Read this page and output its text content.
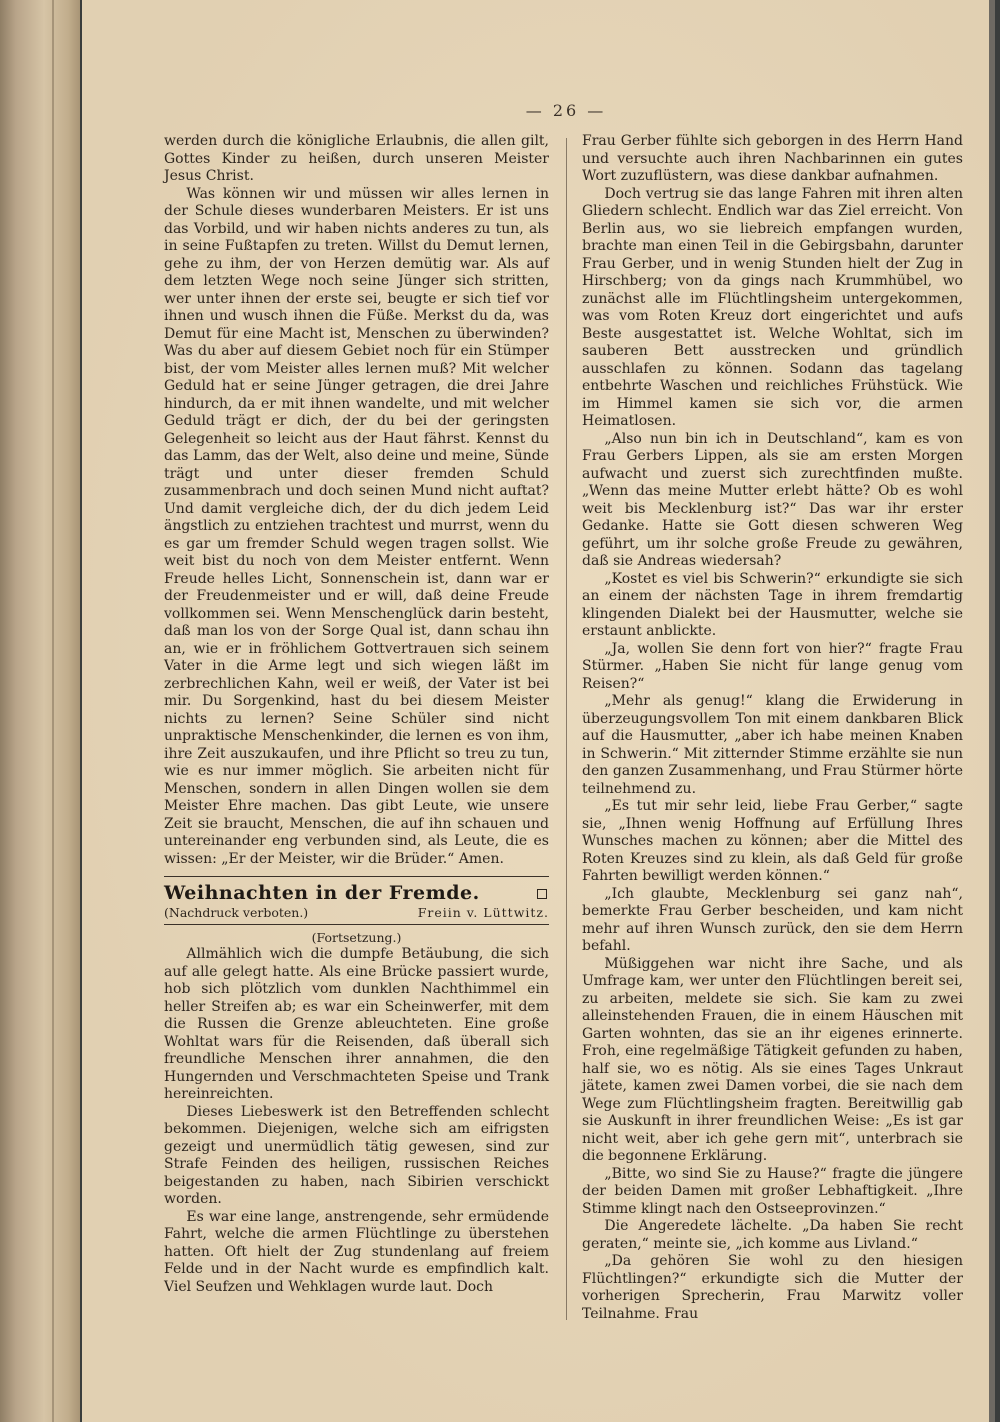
— 26 —

werden durch die königliche Erlaubnis, die allen gilt, Gottes Kinder zu heißen, durch unseren Meister Jesus Christ.

Was können wir und müssen wir alles lernen in der Schule dieses wunderbaren Meisters. Er ist uns das Vorbild, und wir haben nichts anderes zu tun, als in seine Fußtapfen zu treten. Willst du Demut lernen, gehe zu ihm, der von Herzen demütig war. Als auf dem letzten Wege noch seine Jünger sich stritten, wer unter ihnen der erste sei, beugte er sich tief vor ihnen und wusch ihnen die Füße. Merkst du da, was Demut für eine Macht ist, Menschen zu überwinden? Was du aber auf diesem Gebiet noch für ein Stümper bist, der vom Meister alles lernen muß? Mit welcher Geduld hat er seine Jünger getragen, die drei Jahre hindurch, da er mit ihnen wandelte, und mit welcher Geduld trägt er dich, der du bei der geringsten Gelegenheit so leicht aus der Haut fährst. Kennst du das Lamm, das der Welt, also deine und meine, Sünde trägt und unter dieser fremden Schuld zusammenbrach und doch seinen Mund nicht auftat? Und damit vergleiche dich, der du dich jedem Leid ängstlich zu entziehen trachtest und murrst, wenn du es gar um fremder Schuld wegen tragen sollst. Wie weit bist du noch von dem Meister entfernt. Wenn Freude helles Licht, Sonnenschein ist, dann war er der Freudenmeister und er will, daß deine Freude vollkommen sei. Wenn Menschenglück darin besteht, daß man los von der Sorge Qual ist, dann schau ihn an, wie er in fröhlichem Gottvertrauen sich seinem Vater in die Arme legt und sich wiegen läßt im zerbrechlichen Kahn, weil er weiß, der Vater ist bei mir. Du Sorgenkind, hast du bei diesem Meister nichts zu lernen? Seine Schüler sind nicht unpraktische Menschenkinder, die lernen es von ihm, ihre Zeit auszukaufen, und ihre Pflicht so treu zu tun, wie es nur immer möglich. Sie arbeiten nicht für Menschen, sondern in allen Dingen wollen sie dem Meister Ehre machen. Das gibt Leute, wie unsere Zeit sie braucht, Menschen, die auf ihn schauen und untereinander eng verbunden sind, als Leute, die es wissen: „Er der Meister, wir die Brüder.“ Amen.

Weihnachten in der Fremde.
(Nachdruck verboten.)	Freiin v. Lüttwitz.
(Fortsetzung.)

Allmählich wich die dumpfe Betäubung, die sich auf alle gelegt hatte. Als eine Brücke passiert wurde, hob sich plötzlich vom dunklen Nachthimmel ein heller Streifen ab; es war ein Scheinwerfer, mit dem die Russen die Grenze ableuchteten. Eine große Wohltat wars für die Reisenden, daß überall sich freundliche Menschen ihrer annahmen, die den Hungernden und Verschmachteten Speise und Trank hereinreichten.

Dieses Liebeswerk ist den Betreffenden schlecht bekommen. Diejenigen, welche sich am eifrigsten gezeigt und unermüdlich tätig gewesen, sind zur Strafe Feinden des heiligen, russischen Reiches beigestanden zu haben, nach Sibirien verschickt worden.

Es war eine lange, anstrengende, sehr ermüdende Fahrt, welche die armen Flüchtlinge zu überstehen hatten. Oft hielt der Zug stundenlang auf freiem Felde und in der Nacht wurde es empfindlich kalt. Viel Seufzen und Wehklagen wurde laut. Doch

Frau Gerber fühlte sich geborgen in des Herrn Hand und versuchte auch ihren Nachbarinnen ein gutes Wort zuzuflüstern, was diese dankbar aufnahmen.

Doch vertrug sie das lange Fahren mit ihren alten Gliedern schlecht. Endlich war das Ziel erreicht. Von Berlin aus, wo sie liebreich empfangen wurden, brachte man einen Teil in die Gebirgsbahn, darunter Frau Gerber, und in wenig Stunden hielt der Zug in Hirschberg; von da gings nach Krummhübel, wo zunächst alle im Flüchtlingsheim untergekommen, was vom Roten Kreuz dort eingerichtet und aufs Beste ausgestattet ist. Welche Wohltat, sich im sauberen Bett ausstrecken und gründlich ausschlafen zu können. Sodann das tagelang entbehrte Waschen und reichliches Frühstück. Wie im Himmel kamen sie sich vor, die armen Heimatlosen.

„Also nun bin ich in Deutschland“, kam es von Frau Gerbers Lippen, als sie am ersten Morgen aufwacht und zuerst sich zurechtfinden mußte. „Wenn das meine Mutter erlebt hätte? Ob es wohl weit bis Mecklenburg ist?“ Das war ihr erster Gedanke. Hatte sie Gott diesen schweren Weg geführt, um ihr solche große Freude zu gewähren, daß sie Andreas wiedersah?

„Kostet es viel bis Schwerin?“ erkundigte sie sich an einem der nächsten Tage in ihrem fremdartig klingenden Dialekt bei der Hausmutter, welche sie erstaunt anblickte.

„Ja, wollen Sie denn fort von hier?“ fragte Frau Stürmer. „Haben Sie nicht für lange genug vom Reisen?“

„Mehr als genug!“ klang die Erwiderung in überzeugungsvollem Ton mit einem dankbaren Blick auf die Hausmutter, „aber ich habe meinen Knaben in Schwerin.“ Mit zitternder Stimme erzählte sie nun den ganzen Zusammenhang, und Frau Stürmer hörte teilnehmend zu.

„Es tut mir sehr leid, liebe Frau Gerber,“ sagte sie, „Ihnen wenig Hoffnung auf Erfüllung Ihres Wunsches machen zu können; aber die Mittel des Roten Kreuzes sind zu klein, als daß Geld für große Fahrten bewilligt werden können.“

„Ich glaubte, Mecklenburg sei ganz nah“, bemerkte Frau Gerber bescheiden, und kam nicht mehr auf ihren Wunsch zurück, den sie dem Herrn befahl.

Müßiggehen war nicht ihre Sache, und als Umfrage kam, wer unter den Flüchtlingen bereit sei, zu arbeiten, meldete sie sich. Sie kam zu zwei alleinstehenden Frauen, die in einem Häuschen mit Garten wohnten, das sie an ihr eigenes erinnerte. Froh, eine regelmäßige Tätigkeit gefunden zu haben, half sie, wo es nötig. Als sie eines Tages Unkraut jätete, kamen zwei Damen vorbei, die sie nach dem Wege zum Flüchtlingsheim fragten. Bereitwillig gab sie Auskunft in ihrer freundlichen Weise: „Es ist gar nicht weit, aber ich gehe gern mit“, unterbrach sie die begonnene Erklärung.

„Bitte, wo sind Sie zu Hause?“ fragte die jüngere der beiden Damen mit großer Lebhaftigkeit. „Ihre Stimme klingt nach den Ostseeprovinzen.“

Die Angeredete lächelte. „Da haben Sie recht geraten,“ meinte sie, „ich komme aus Livland.“

„Da gehören Sie wohl zu den hiesigen Flüchtlingen?“ erkundigte sich die Mutter der vorherigen Sprecherin, Frau Marwitz voller Teilnahme. Frau
